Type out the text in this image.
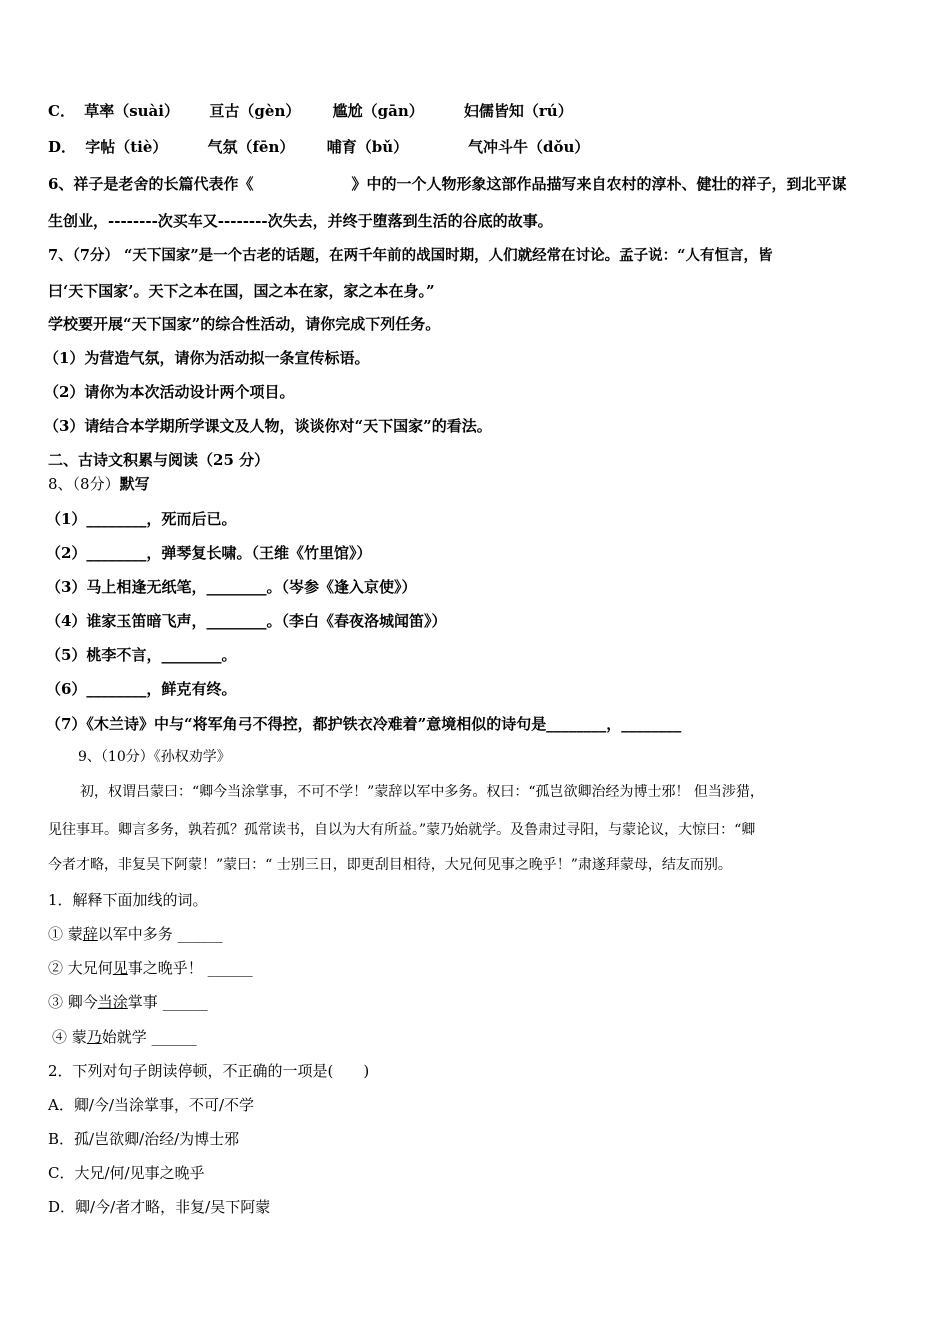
C． 草率（suài） 亘古（gèn） 尴尬（gān）	妇儒皆知（rú）
D． 字帖（tiè）	气氛（fēn） 哺育（bǔ）	气冲斗牛（dǒu）
6、祥子是老舍的长篇代表作《	》中的一个人物形象这部作品描写来自农村的淳朴、健壮的祥子，到北平谋
生创业，--------次买车又--------次失去，并终于堕落到生活的谷底的故事。
7、（7分） “天下国家”是一个古老的话题，在两千年前的战国时期，人们就经常在讨论。孟子说：“人有恒言，皆
曰‘天下国家’。天下之本在国，国之本在家，家之本在身。”
学校要开展“天下国家”的综合性活动，请你完成下列任务。
（1）为营造气氛，请你为活动拟一条宣传标语。
（2）请你为本次活动设计两个项目。
（3）请结合本学期所学课文及人物，谈谈你对“天下国家”的看法。
二、古诗文积累与阅读（25 分）
8、（8分）默写
（1）________，死而后已。
（2）________，弹琴复长啸。（王维《竹里馆》）
（3）马上相逢无纸笔，________。（岑参《逢入京使》）
（4）谁家玉笛暗飞声，________。（李白《春夜洛城闻笛》）
（5）桃李不言，________。
（6）________，鲜克有终。
（7）《木兰诗》中与“将军角弓不得控，都护铁衣冷难着”意境相似的诗句是________，________
9、（10分）《孙权劝学》
初，权谓吕蒙曰：“卿今当涂掌事，不可不学！”蒙辞以军中多务。权曰：“孤岂欲卿治经为博士邪！ 但当涉猎，
见往事耳。卿言多务，孰若孤？孤常读书，自以为大有所益。”蒙乃始就学。及鲁肃过寻阳，与蒙论议，大惊曰：“卿
今者才略，非复吴下阿蒙！”蒙曰：“ 士别三日，即更刮目相待，大兄何见事之晚乎！”肃遂拜蒙母，结友而别。
1．解释下面加线的词。
① 蒙辞以军中多务 ______
② 大兄何见事之晚乎！ ______
③ 卿今当涂掌事 ______
④ 蒙乃始就学 ______
2．下列对句子朗读停顿，不正确的一项是(　　)
A．卿/今/当涂掌事，不可/不学
B．孤/岂欲卿/治经/为博士邪
C．大兄/何/见事之晚乎
D．卿/今/者才略，非复/吴下阿蒙
